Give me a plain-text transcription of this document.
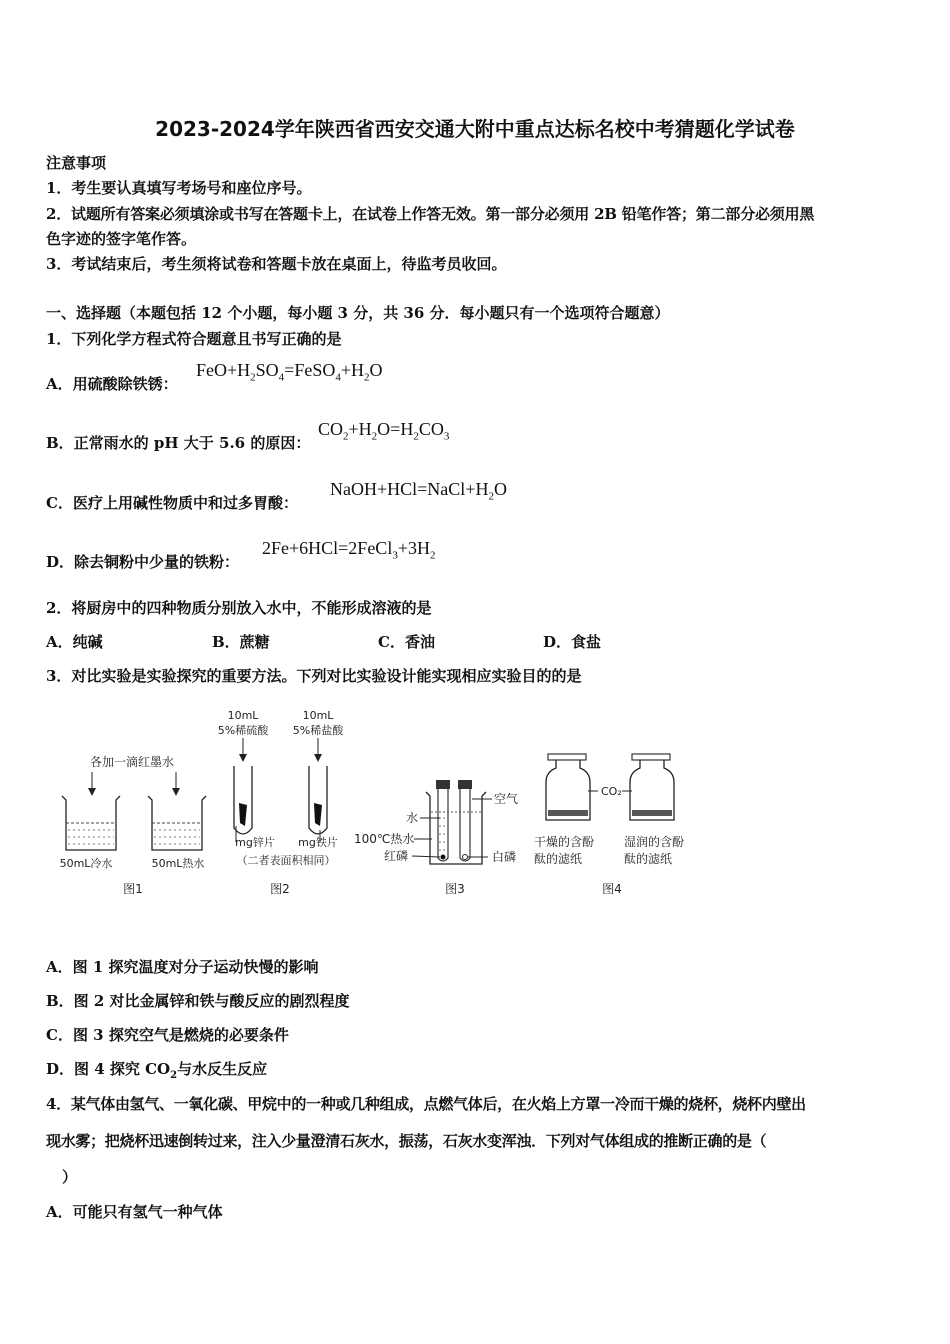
2023-2024学年陕西省西安交通大附中重点达标名校中考猜题化学试卷
注意事项
1．考生要认真填写考场号和座位序号。
2．试题所有答案必须填涂或书写在答题卡上，在试卷上作答无效。第一部分必须用 2B 铅笔作答；第二部分必须用黑
色字迹的签字笔作答。
3．考试结束后，考生须将试卷和答题卡放在桌面上，待监考员收回。
一、选择题（本题包括 12 个小题，每小题 3 分，共 36 分．每小题只有一个选项符合题意）
1．下列化学方程式符合题意且书写正确的是
A．用硫酸除铁锈：
$FeO+H_2SO_4=FeSO_4+H_2O$
B．正常雨水的 pH 大于 5.6 的原因：
$CO_2+H_2O=H_2CO_3$
C．医疗上用碱性物质中和过多胃酸：
$NaOH+HCl=NaCl+H_2O$
D．除去铜粉中少量的铁粉：
$2Fe+6HCl=2FeCl_3+3H_2$
2．将厨房中的四种物质分别放入水中，不能形成溶液的是
A．纯碱	B．蔗糖	C．香油	D．食盐
3．对比实验是实验探究的重要方法。下列对比实验设计能实现相应实验目的的是
各加一滴红墨水
50mL冷水	50mL热水
图1
10mL
5%稀硫酸
10mL
5%稀盐酸
mg锌片 mg铁片
（二者表面积相同）
图2
空气
水
100℃热水
红磷	白磷
图3
CO₂
干燥的含酚
酞的滤纸
湿润的含酚
酞的滤纸
图4
A．图 1 探究温度对分子运动快慢的影响
B．图 2 对比金属锌和铁与酸反应的剧烈程度
C．图 3 探究空气是燃烧的必要条件
D．图 4 探究 $CO_2$与水反生反应
4．某气体由氢气、一氧化碳、甲烷中的一种或几种组成，点燃气体后，在火焰上方罩一冷而干燥的烧杯，烧杯内壁出
现水雾；把烧杯迅速倒转过来，注入少量澄清石灰水，振荡，石灰水变浑浊．下列对气体组成的推断正确的是（
）
A．可能只有氢气一种气体
